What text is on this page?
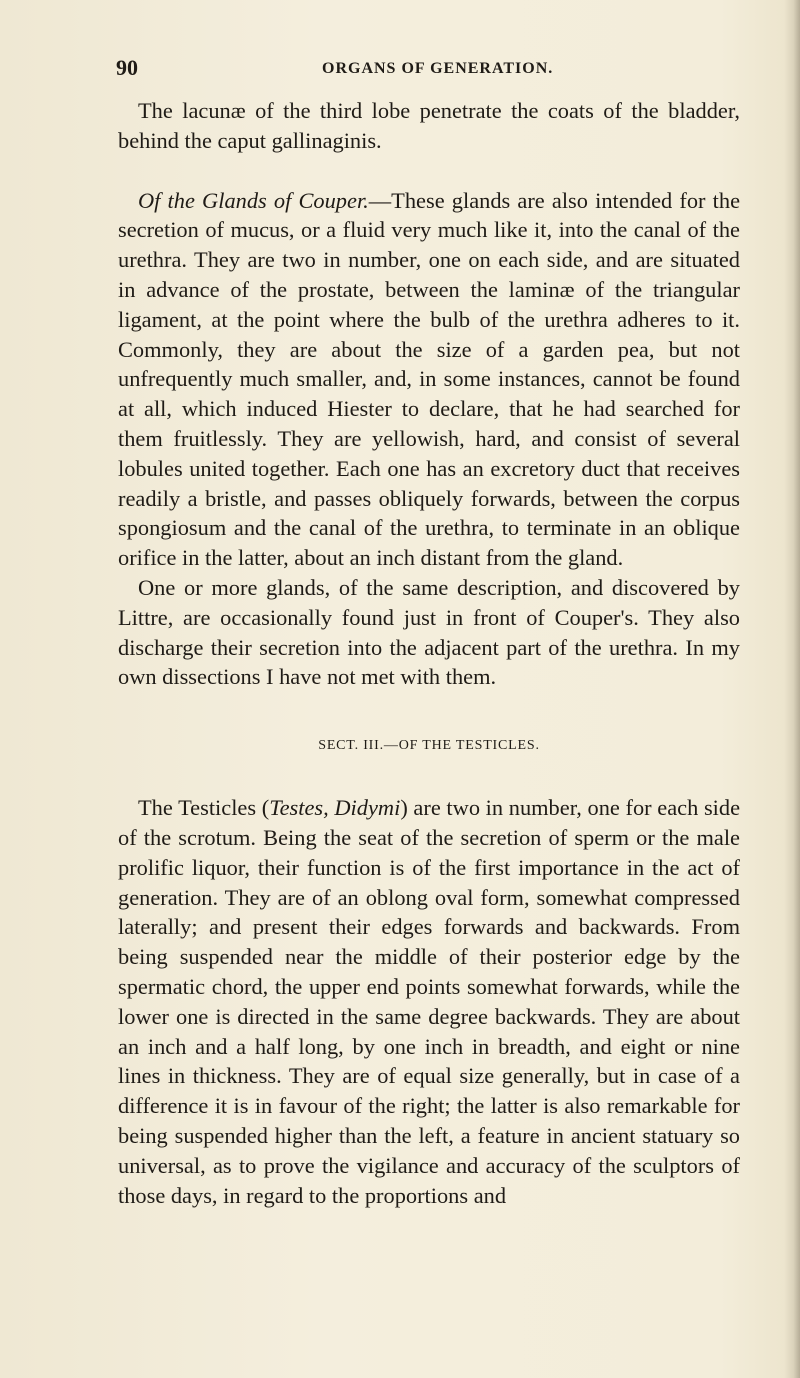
90	ORGANS OF GENERATION.

The lacunæ of the third lobe penetrate the coats of the bladder, behind the caput gallinaginis.

Of the Glands of Couper.—These glands are also intended for the secretion of mucus, or a fluid very much like it, into the canal of the urethra. They are two in number, one on each side, and are situated in advance of the prostate, between the laminæ of the triangular ligament, at the point where the bulb of the urethra adheres to it. Commonly, they are about the size of a garden pea, but not unfrequently much smaller, and, in some instances, cannot be found at all, which induced Hiester to declare, that he had searched for them fruitlessly. They are yellowish, hard, and consist of several lobules united together. Each one has an excretory duct that receives readily a bristle, and passes obliquely forwards, between the corpus spongiosum and the canal of the urethra, to terminate in an oblique orifice in the latter, about an inch distant from the gland.

One or more glands, of the same description, and discovered by Littre, are occasionally found just in front of Couper's. They also discharge their secretion into the adjacent part of the urethra. In my own dissections I have not met with them.

SECT. III.—OF THE TESTICLES.

The Testicles (Testes, Didymi) are two in number, one for each side of the scrotum. Being the seat of the secretion of sperm or the male prolific liquor, their function is of the first importance in the act of generation. They are of an oblong oval form, somewhat compressed laterally; and present their edges forwards and backwards. From being suspended near the middle of their posterior edge by the spermatic chord, the upper end points somewhat forwards, while the lower one is directed in the same degree backwards. They are about an inch and a half long, by one inch in breadth, and eight or nine lines in thickness. They are of equal size generally, but in case of a difference it is in favour of the right; the latter is also remarkable for being suspended higher than the left, a feature in ancient statuary so universal, as to prove the vigilance and accuracy of the sculptors of those days, in regard to the proportions and
